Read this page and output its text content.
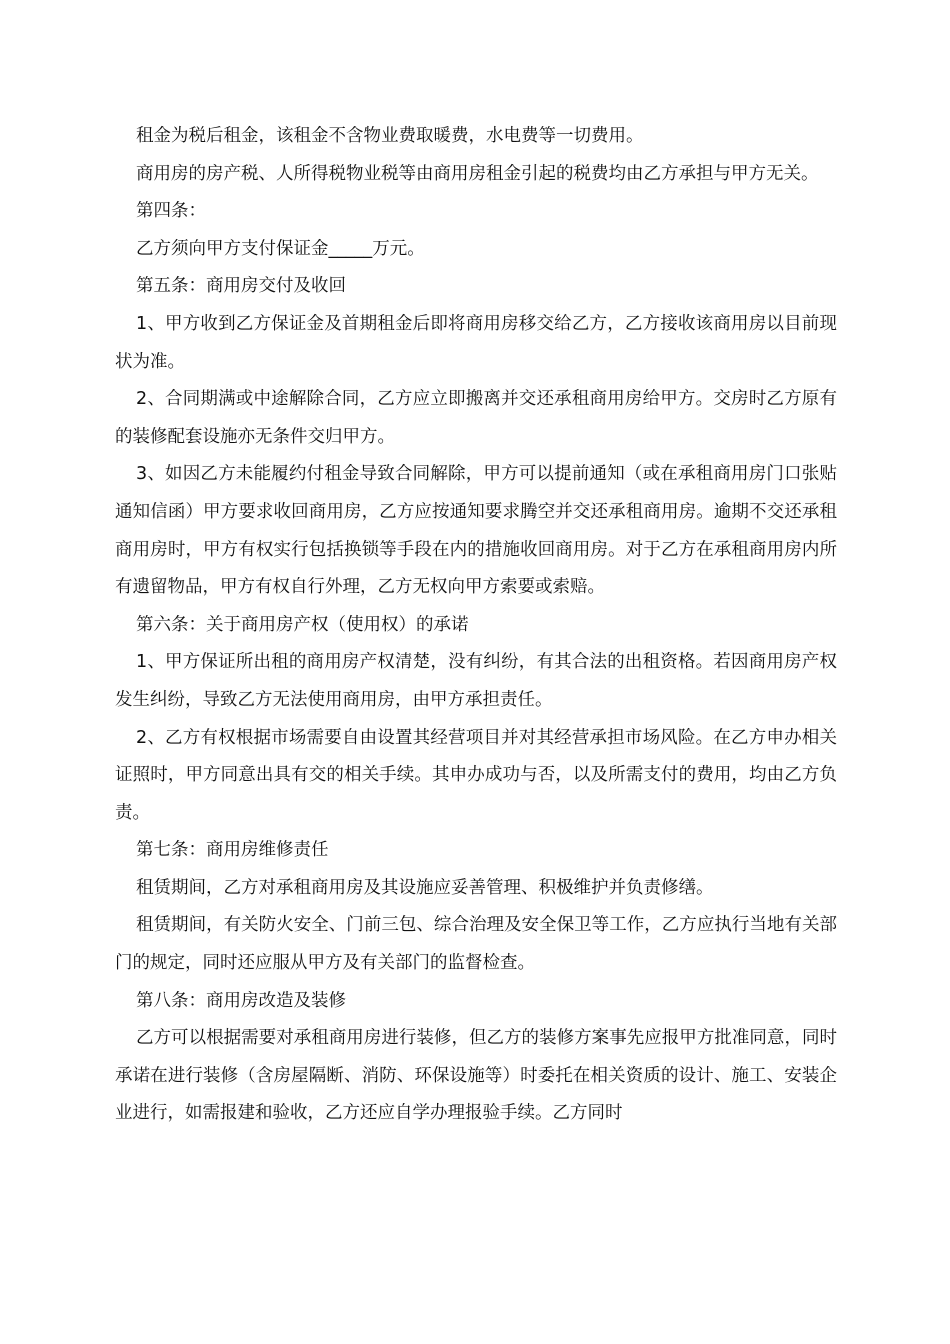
租金为税后租金，该租金不含物业费取暖费，水电费等一切费用。

商用房的房产税、人所得税物业税等由商用房租金引起的税费均由乙方承担与甲方无关。

第四条：

乙方须向甲方支付保证金_____万元。

第五条：商用房交付及收回

1、甲方收到乙方保证金及首期租金后即将商用房移交给乙方，乙方接收该商用房以目前现状为准。

2、合同期满或中途解除合同，乙方应立即搬离并交还承租商用房给甲方。交房时乙方原有的装修配套设施亦无条件交归甲方。

3、如因乙方未能履约付租金导致合同解除，甲方可以提前通知（或在承租商用房门口张贴通知信函）甲方要求收回商用房，乙方应按通知要求腾空并交还承租商用房。逾期不交还承租商用房时，甲方有权实行包括换锁等手段在内的措施收回商用房。对于乙方在承租商用房内所有遗留物品，甲方有权自行外理，乙方无权向甲方索要或索赔。

第六条：关于商用房产权（使用权）的承诺

1、甲方保证所出租的商用房产权清楚，没有纠纷，有其合法的出租资格。若因商用房产权发生纠纷，导致乙方无法使用商用房，由甲方承担责任。

2、乙方有权根据市场需要自由设置其经营项目并对其经营承担市场风险。在乙方申办相关证照时，甲方同意出具有交的相关手续。其申办成功与否，以及所需支付的费用，均由乙方负责。

第七条：商用房维修责任

租赁期间，乙方对承租商用房及其设施应妥善管理、积极维护并负责修缮。

租赁期间，有关防火安全、门前三包、综合治理及安全保卫等工作，乙方应执行当地有关部门的规定，同时还应服从甲方及有关部门的监督检查。

第八条：商用房改造及装修

乙方可以根据需要对承租商用房进行装修，但乙方的装修方案事先应报甲方批准同意，同时承诺在进行装修（含房屋隔断、消防、环保设施等）时委托在相关资质的设计、施工、安装企业进行，如需报建和验收，乙方还应自学办理报验手续。乙方同时
